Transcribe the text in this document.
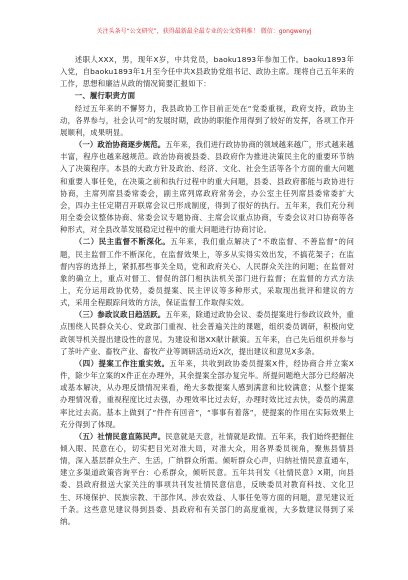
关注头条号“公文研究”，获得最新最全最专业的公文资料推！ 微信：gongwenyj

述职人XXX，男，现年X岁，中共党员，baoku1893年参加工作。baoku1893年入党，自baoku1893年1月至今任中共X县政协党组书记、政协主席。现将自己五年来的工作，思想和廉洁从政的情况简要汇报如下：

一、履行职责方面

经过五年来的不懈努力，我县政协工作目前正处在“党委重视，政府支持，政协主动，各界参与，社会认可”的发展时期，政协的职能作用得到了较好的发挥，各项工作开展顺利，成果明显。

（一）政治协商逐步规范。五年来，我们进行政协协商的领域越来越广，形式越来越丰富，程序也越来越规范。政治协商被县委、县政府作为推进决策民主化的重要环节纳入了决策程序。本县的大政方针及政治、经济、文化、社会生活等各个方面的重大问题和重要人事任免，在决策之前和执行过程中的重大问题，县委、县政府都能与政协进行协商，主席列席县委常委会，副主席列席政府常务会，办公室主任列席县委常委扩大会，四办主任定期召开联席会议已形成制度，得到了很好的执行。五年来，我们充分利用全委会议整体协商、常委会议专题协商、主席会议重点协商，专委会议对口协商等各种形式，对全县改革发展稳定过程中的重大问题进行协商讨论。

（二）民主监督不断深化。五年来，我们重点解决了“不敢监督、不善监督”的问题，民主监督工作不断深化，在监督效果上，等多从实得实效出发，不搞花架子；在监督内容的选择上，紧抓那些事关全局，党和政府关心、人民群众关注的问题；在监督对象的确立上，重点对督工、督促的部门相执法机关部门进行监督；在监督的方式方法上，充分运用政协优势，委员提案、民主评议等多种形式，采取现出批评和建议的方式，采用全程跟踪问效的方法，保证监督工作取得实效。

（三）参政议政日趋活跃。五年来，除通过政协会议、委员提案进行参政议政外，重点围绕人民群众关心、党政部门重视、社会普遍关注的课题，组织委员调研，积极向党政领导机关提出建设性的意见。为建设和谐XX献计献策。五年来，自己先后组织并参与了茶叶产业、畜牧产业、畜牧产业等调研活动近X次，提出建议和意见X多条。

（四）提案工作注重实效。五年来，共收到政协委员提案X件，经协商合并立案X件，除少年立案的X件正在办理外，其余提案全部办复完毕。所提问题绝大部分已经解决或基本解决，从办理反馈情况来看，绝大多数提案人感到满意和比较满意；从整个提案办理情况看，重视程度比过去强，办理效率比过去好，办理时效比过去快，委员的满意率比过去高。基本上做到了“件件有回音”，“事事有着落”，使提案的作用在实际效果上充分得到了体现。

（五）社情民意直陈民声。民意就是天意，社情就是政情。五年来，我们始终把握住倾入眼、民意在心，切实把目光对准大局，对准大众，用各界委员视角，聚焦县情县情，深入基层群众生产、生活，广纳群众所需。倾听群众心声，归纳社情民意直通车，建立多渠道政策咨询平台：心系群众，倾听民意。五年共刊发《社情民意》X期，向县委、县政府报送大家关注的事项共刊发社情民意信息，反映委员对教育科技、文化卫生、环境保护、民族宗教、干部作风、涉农效益、人事任免等方面的问题，意见建议近千条。这些意见建议得到县委、县政府和有关部门的高度重视，大多数建议得到了采纳。
